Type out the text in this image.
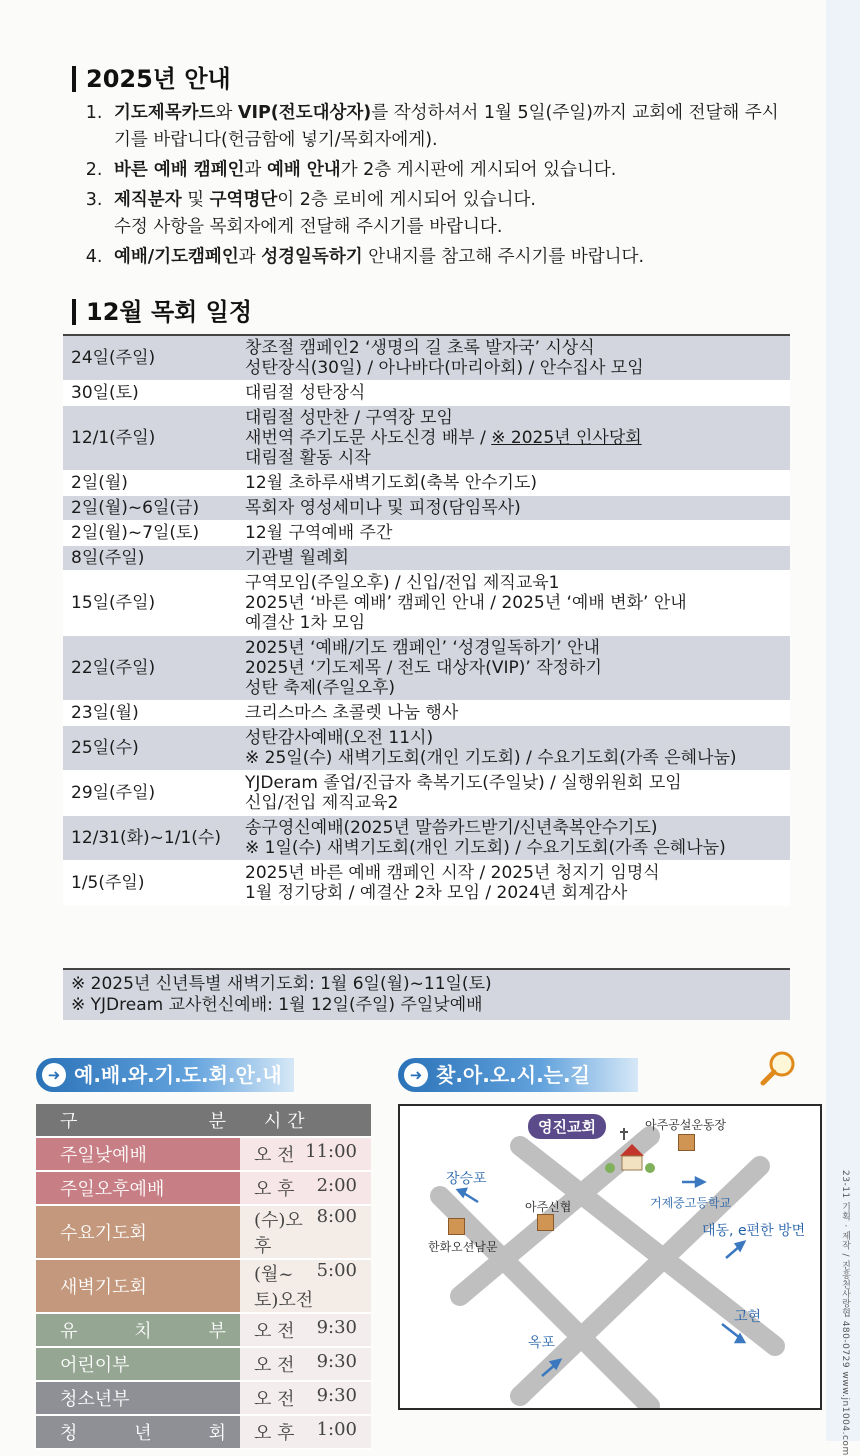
23-11 기획 · 제작 / 진흥천사랑협 480-0729 www.jn1004.com
2025년 안내
1. 기도제목카드와 VIP(전도대상자)를 작성하셔서 1월 5일(주일)까지 교회에 전달해 주시기를 바랍니다(헌금함에 넣기/목회자에게).
2. 바른 예배 캠페인과 예배 안내가 2층 게시판에 게시되어 있습니다.
3. 제직분자 및 구역명단이 2층 로비에 게시되어 있습니다.
수정 사항을 목회자에게 전달해 주시기를 바랍니다.
4. 예배/기도캠페인과 성경일독하기 안내지를 참고해 주시기를 바랍니다.
12월 목회 일정
24일(주일)	창조절 캠페인2 ‘생명의 길 초록 발자국’ 시상식
성탄장식(30일) / 아나바다(마리아회) / 안수집사 모임

30일(토)	대림절 성탄장식

12/1(주일)	대림절 성만찬 / 구역장 모임
새번역 주기도문 사도신경 배부 / ※ 2025년 인사당회
대림절 활동 시작

2일(월)	12월 초하루새벽기도회(축복 안수기도)

2일(월)~6일(금)	목회자 영성세미나 및 피정(담임목사)

2일(월)~7일(토)	12월 구역예배 주간

8일(주일)	기관별 월례회

15일(주일)	구역모임(주일오후) / 신입/전입 제직교육1
2025년 ‘바른 예배’ 캠페인 안내 / 2025년 ‘예배 변화’ 안내
예결산 1차 모임

22일(주일)	2025년 ‘예배/기도 캠페인’ ‘성경일독하기’ 안내
2025년 ‘기도제목 / 전도 대상자(VIP)’ 작정하기
성탄 축제(주일오후)

23일(월)	크리스마스 초콜렛 나눔 행사

25일(수)	성탄감사예배(오전 11시)
※ 25일(수) 새벽기도회(개인 기도회) / 수요기도회(가족 은혜나눔)

29일(주일)	YJDeram 졸업/진급자 축복기도(주일낮) / 실행위원회 모임
신입/전입 제직교육2

12/31(화)~1/1(수)	송구영신예배(2025년 말씀카드받기/신년축복안수기도)
※ 1일(수) 새벽기도회(개인 기도회) / 수요기도회(가족 은혜나눔)

1/5(주일)	2025년 바른 예배 캠페인 시작 / 2025년 청지기 임명식
1월 정기당회 / 예결산 2차 모임 / 2024년 회계감사
※ 2025년 신년특별 새벽기도회: 1월 6일(월)~11일(토)
※ YJDream 교사헌신예배: 1월 12일(주일) 주일낮예배
➜ 예.배.와.기.도.회.안.내	➜ 찾.아.오.시.는.길
구 분	시 간

주일낮예배	오 전 11:00

주일오후예배	오 후 2:00

수요기도회	(수)오후
8:00

새벽기도회	(월~토)오전
5:00

유 치 부	오 전 9:30

어린이부	오 전 9:30

청소년부	오 전 9:30

청 년 회	오 후 1:00
영진교회	아주공설운동장
장승포
아주신협	거제중고등학교
대동, e편한 방면
한화오션남문
옥포
고현
